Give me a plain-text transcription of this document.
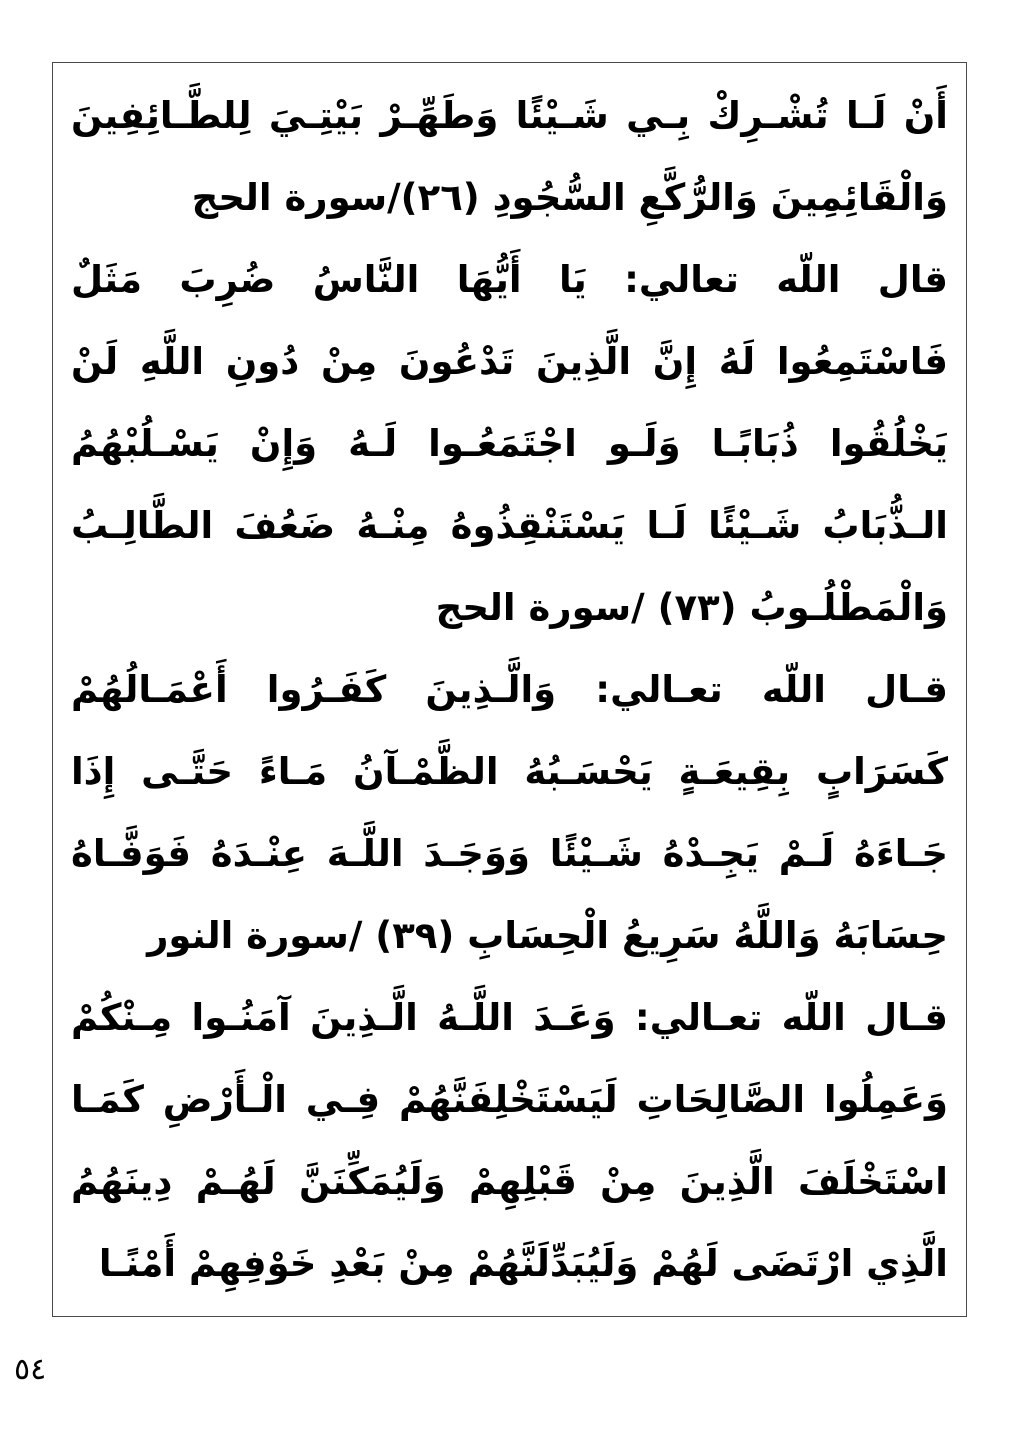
أَنْ لَـا تُشْـرِكْ بِـي شَـيْئًا وَطَهِّـرْ بَيْتِـيَ لِلطَّـائِفِينَ وَالْقَائِمِينَ وَالرُّكَّعِ السُّجُودِ (٢٦)/سورة الحج

قال اللّه تعالي: يَا أَيُّهَا النَّاسُ ضُرِبَ مَثَلٌ فَاسْتَمِعُوا لَهُ إِنَّ الَّذِينَ تَدْعُونَ مِنْ دُونِ اللَّهِ لَنْ يَخْلُقُوا ذُبَابًـا وَلَـو اجْتَمَعُـوا لَـهُ وَإِنْ يَسْـلُبْهُمُ الـذُّبَابُ شَـيْئًا لَـا يَسْتَنْقِذُوهُ مِنْـهُ ضَعُفَ الطَّالِـبُ وَالْمَطْلُـوبُ (٧٣) /سورة الحج

قـال اللّه تعـالي: وَالَّـذِينَ كَفَـرُوا أَعْمَـالُهُمْ كَسَرَابٍ بِقِيعَـةٍ يَحْسَـبُهُ الظَّمْـآنُ مَـاءً حَتَّـى إِذَا جَـاءَهُ لَـمْ يَجِـدْهُ شَـيْئًا وَوَجَـدَ اللَّـهَ عِنْـدَهُ فَوَفَّـاهُ حِسَابَهُ وَاللَّهُ سَرِيعُ الْحِسَابِ (٣٩) /سورة النور

قـال اللّه تعـالي: وَعَـدَ اللَّـهُ الَّـذِينَ آمَنُـوا مِـنْكُمْ وَعَمِلُوا الصَّالِحَاتِ لَيَسْتَخْلِفَنَّهُمْ فِـي الْـأَرْضِ كَمَـا اسْتَخْلَفَ الَّذِينَ مِنْ قَبْلِهِمْ وَلَيُمَكِّنَنَّ لَهُـمْ دِينَهُمُ الَّذِي ارْتَضَى لَهُمْ وَلَيُبَدِّلَنَّهُمْ مِنْ بَعْدِ خَوْفِهِمْ أَمْنًـا

٥٤
